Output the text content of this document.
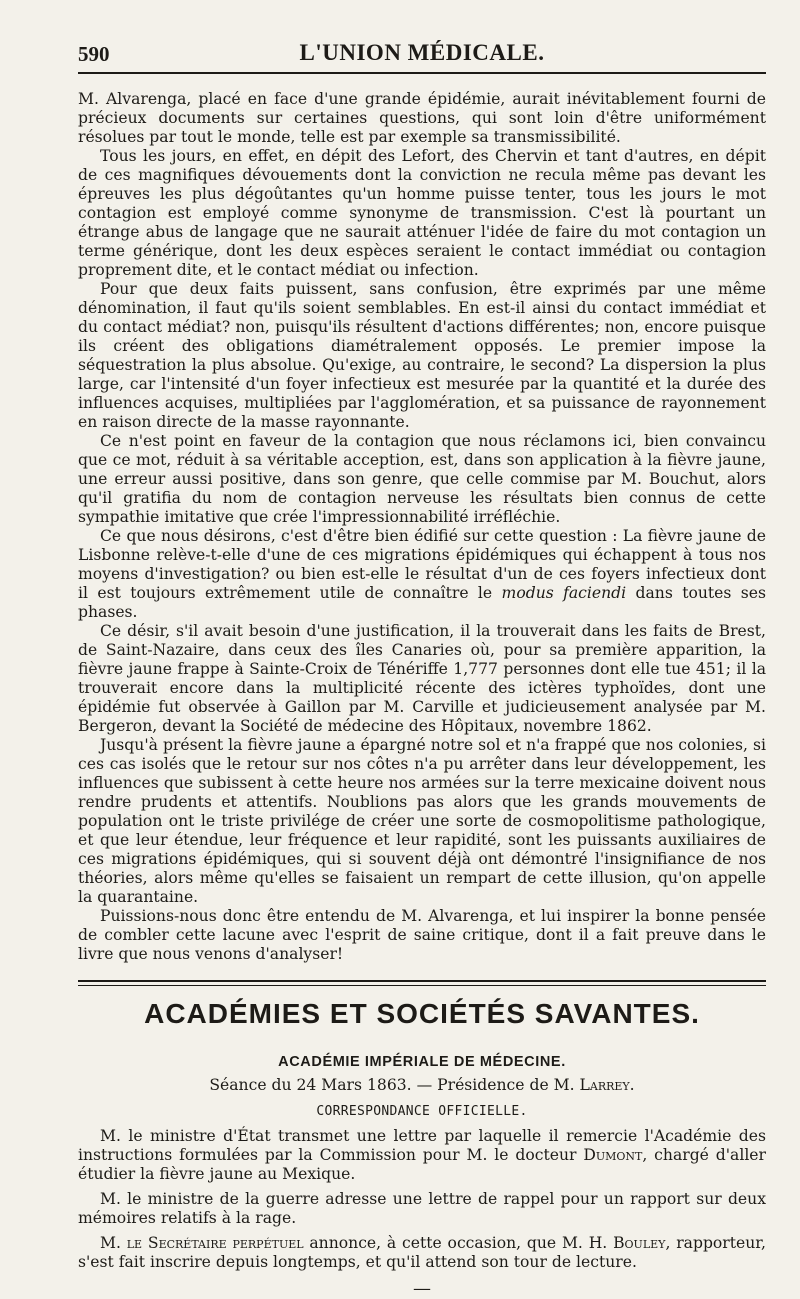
590	L'UNION MÉDICALE.

M. Alvarenga, placé en face d'une grande épidémie, aurait inévitablement fourni de précieux documents sur certaines questions, qui sont loin d'être uniformément résolues par tout le monde, telle est par exemple sa transmissibilité.

Tous les jours, en effet, en dépit des Lefort, des Chervin et tant d'autres, en dépit de ces magnifiques dévouements dont la conviction ne recula même pas devant les épreuves les plus dégoûtantes qu'un homme puisse tenter, tous les jours le mot contagion est employé comme synonyme de transmission. C'est là pourtant un étrange abus de langage que ne saurait atténuer l'idée de faire du mot contagion un terme générique, dont les deux espèces seraient le contact immédiat ou contagion proprement dite, et le contact médiat ou infection.

Pour que deux faits puissent, sans confusion, être exprimés par une même dénomination, il faut qu'ils soient semblables. En est-il ainsi du contact immédiat et du contact médiat? non, puisqu'ils résultent d'actions différentes; non, encore puisque ils créent des obligations diamétralement opposés. Le premier impose la séquestration la plus absolue. Qu'exige, au contraire, le second? La dispersion la plus large, car l'intensité d'un foyer infectieux est mesurée par la quantité et la durée des influences acquises, multipliées par l'agglomération, et sa puissance de rayonnement en raison directe de la masse rayonnante.

Ce n'est point en faveur de la contagion que nous réclamons ici, bien convaincu que ce mot, réduit à sa véritable acception, est, dans son application à la fièvre jaune, une erreur aussi positive, dans son genre, que celle commise par M. Bouchut, alors qu'il gratifia du nom de contagion nerveuse les résultats bien connus de cette sympathie imitative que crée l'impressionnabilité irréfléchie.

Ce que nous désirons, c'est d'être bien édifié sur cette question : La fièvre jaune de Lisbonne relève-t-elle d'une de ces migrations épidémiques qui échappent à tous nos moyens d'investigation? ou bien est-elle le résultat d'un de ces foyers infectieux dont il est toujours extrêmement utile de connaître le modus faciendi dans toutes ses phases.

Ce désir, s'il avait besoin d'une justification, il la trouverait dans les faits de Brest, de Saint-Nazaire, dans ceux des îles Canaries où, pour sa première apparition, la fièvre jaune frappe à Sainte-Croix de Ténériffe 1,777 personnes dont elle tue 451; il la trouverait encore dans la multiplicité récente des ictères typhoïdes, dont une épidémie fut observée à Gaillon par M. Carville et judicieusement analysée par M. Bergeron, devant la Société de médecine des Hôpitaux, novembre 1862.

Jusqu'à présent la fièvre jaune a épargné notre sol et n'a frappé que nos colonies, si ces cas isolés que le retour sur nos côtes n'a pu arrêter dans leur développement, les influences que subissent à cette heure nos armées sur la terre mexicaine doivent nous rendre prudents et attentifs. Noublions pas alors que les grands mouvements de population ont le triste privilége de créer une sorte de cosmopolitisme pathologique, et que leur étendue, leur fréquence et leur rapidité, sont les puissants auxiliaires de ces migrations épidémiques, qui si souvent déjà ont démontré l'insignifiance de nos théories, alors même qu'elles se faisaient un rempart de cette illusion, qu'on appelle la quarantaine.

Puissions-nous donc être entendu de M. Alvarenga, et lui inspirer la bonne pensée de combler cette lacune avec l'esprit de saine critique, dont il a fait preuve dans le livre que nous venons d'analyser!

ACADÉMIES ET SOCIÉTÉS SAVANTES.
ACADÉMIE IMPÉRIALE DE MÉDECINE.
Séance du 24 Mars 1863. — Présidence de M. Larrey.
CORRESPONDANCE OFFICIELLE.

M. le ministre d'État transmet une lettre par laquelle il remercie l'Académie des instructions formulées par la Commission pour M. le docteur Dumont, chargé d'aller étudier la fièvre jaune au Mexique.

M. le ministre de la guerre adresse une lettre de rappel pour un rapport sur deux mémoires relatifs à la rage.

M. le Secrétaire perpétuel annonce, à cette occasion, que M. H. Bouley, rapporteur, s'est fait inscrire depuis longtemps, et qu'il attend son tour de lecture.

—
